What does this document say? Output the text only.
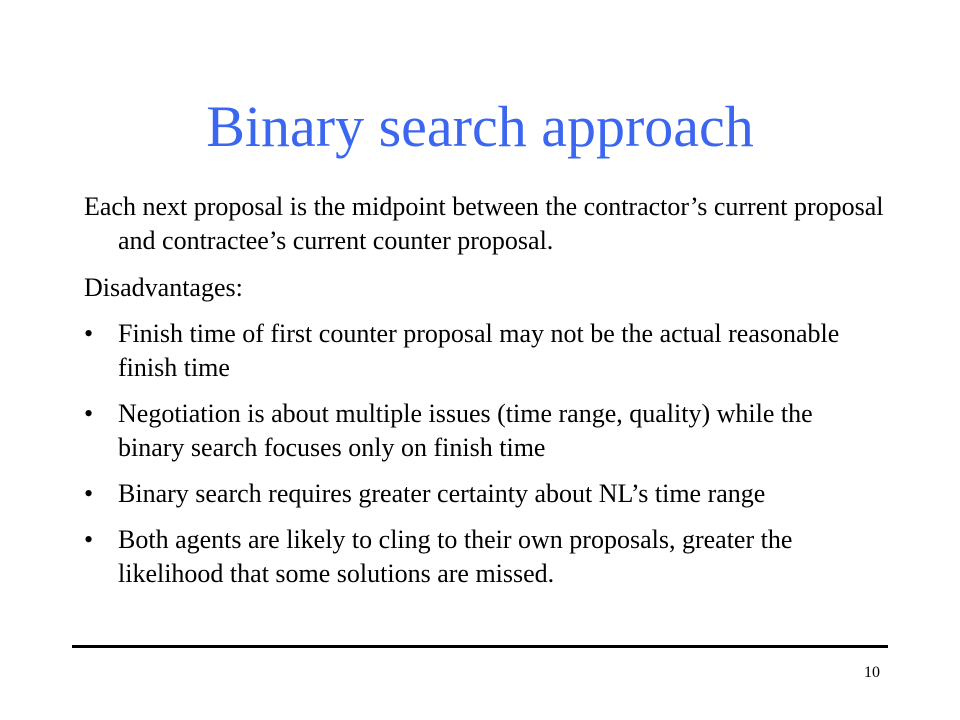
Binary search approach

Each next proposal is the midpoint between the contractor’s current proposal and contractee’s current counter proposal.

Disadvantages:

• Finish time of first counter proposal may not be the actual reasonable finish time
• Negotiation is about multiple issues (time range, quality) while the binary search focuses only on finish time
• Binary search requires greater certainty about NL’s time range
• Both agents are likely to cling to their own proposals, greater the likelihood that some solutions are missed.
10
